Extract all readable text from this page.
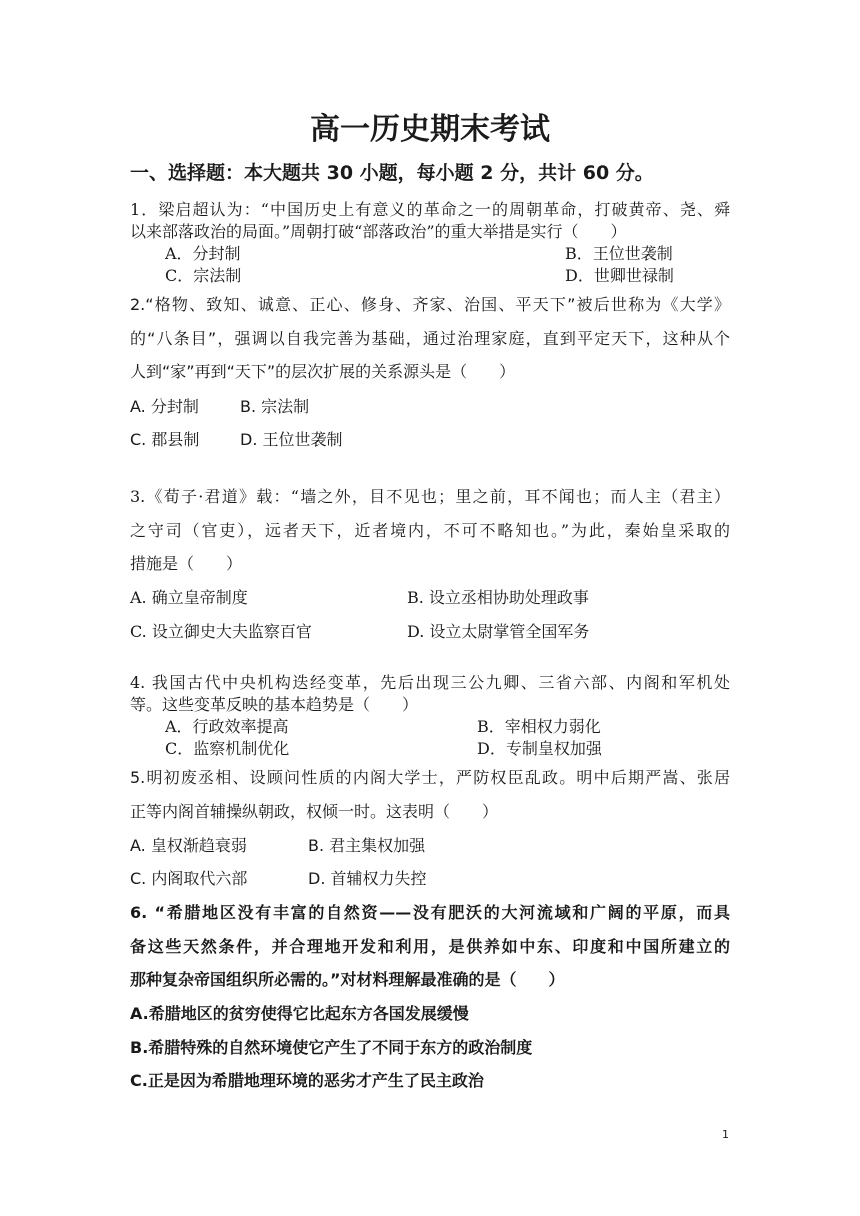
高一历史期末考试
一、选择题：本大题共 30 小题，每小题 2 分，共计 60 分。
1．梁启超认为：“中国历史上有意义的革命之一的周朝革命，打破黄帝、尧、舜
以来部落政治的局面。”周朝打破“部落政治”的重大举措是实行（　　）
A．分封制	B．王位世袭制
C．宗法制	D．世卿世禄制
2.“格物、致知、诚意、正心、修身、齐家、治国、平天下”被后世称为《大学》
的“八条目”，强调以自我完善为基础，通过治理家庭，直到平定天下，这种从个
人到“家”再到“天下”的层次扩展的关系源头是（　　）
A. 分封制	B. 宗法制
C. 郡县制	D. 王位世袭制
3.《荀子·君道》载：“墙之外，目不见也；里之前，耳不闻也；而人主（君主）
之守司（官吏），远者天下，近者境内，不可不略知也。”为此，秦始皇采取的
措施是（　　）
A. 确立皇帝制度	B. 设立丞相协助处理政事
C. 设立御史大夫监察百官	D. 设立太尉掌管全国军务
4. 我国古代中央机构迭经变革，先后出现三公九卿、三省六部、内阁和军机处
等。这些变革反映的基本趋势是（　　）
A．行政效率提高	B．宰相权力弱化
C．监察机制优化	D．专制皇权加强
5.明初废丞相、设顾问性质的内阁大学士，严防权臣乱政。明中后期严嵩、张居
正等内阁首辅操纵朝政，权倾一时。这表明（　　）
A. 皇权渐趋衰弱	B. 君主集权加强
C. 内阁取代六部	D. 首辅权力失控
6. “希腊地区没有丰富的自然资——没有肥沃的大河流域和广阔的平原，而具
备这些天然条件，并合理地开发和利用，是供养如中东、印度和中国所建立的
那种复杂帝国组织所必需的。”对材料理解最准确的是（　　）
A.希腊地区的贫穷使得它比起东方各国发展缓慢
B.希腊特殊的自然环境使它产生了不同于东方的政治制度
C.正是因为希腊地理环境的恶劣才产生了民主政治
1
